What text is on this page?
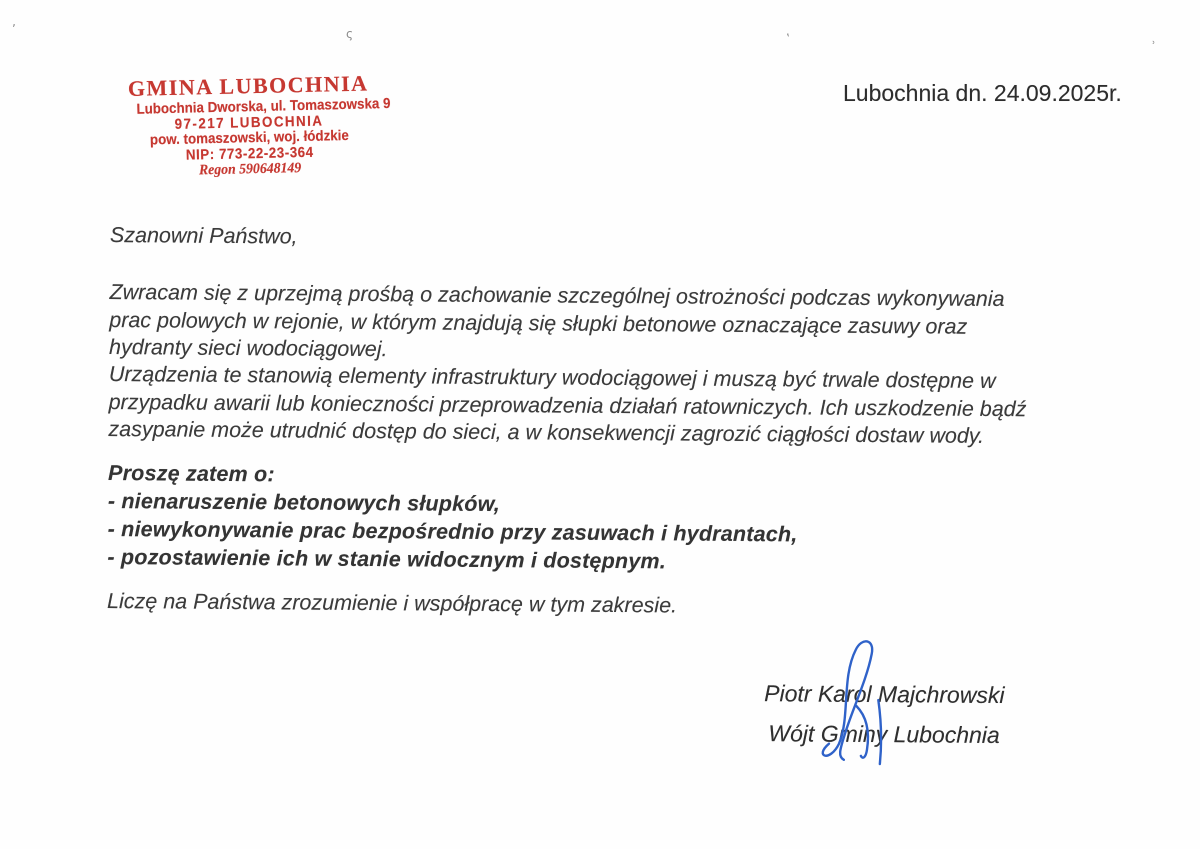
ʼ	ς	ʽ	ʾ
GMINA LUBOCHNIA
Lubochnia Dworska, ul. Tomaszowska 9
97-217 LUBOCHNIA
pow. tomaszowski, woj. łódzkie
NIP: 773-22-23-364
Regon 590648149
Lubochnia dn. 24.09.2025r.
Szanowni Państwo,
Zwracam się z uprzejmą prośbą o zachowanie szczególnej ostrożności podczas wykonywania
prac polowych w rejonie, w którym znajdują się słupki betonowe oznaczające zasuwy oraz
hydranty sieci wodociągowej.
Urządzenia te stanowią elementy infrastruktury wodociągowej i muszą być trwale dostępne w
przypadku awarii lub konieczności przeprowadzenia działań ratowniczych. Ich uszkodzenie bądź
zasypanie może utrudnić dostęp do sieci, a w konsekwencji zagrozić ciągłości dostaw wody.
Proszę zatem o:
- nienaruszenie betonowych słupków,
- niewykonywanie prac bezpośrednio przy zasuwach i hydrantach,
- pozostawienie ich w stanie widocznym i dostępnym.
Liczę na Państwa zrozumienie i współpracę w tym zakresie.
Piotr Karol Majchrowski
Wójt Gminy Lubochnia
